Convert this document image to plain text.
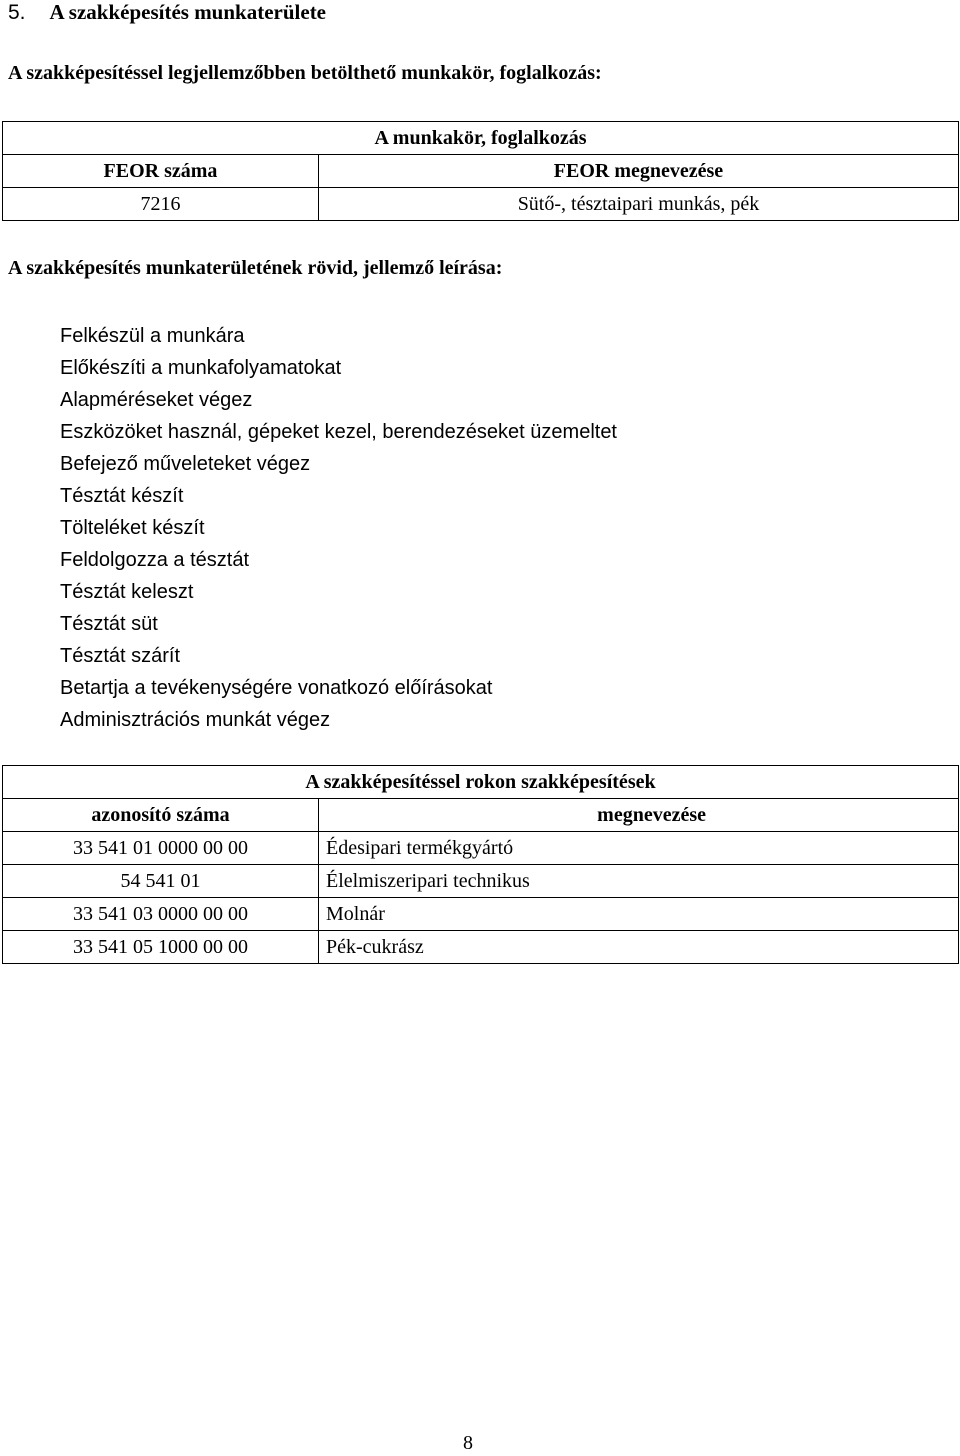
5. A szakképesítés munkaterülete
A szakképesítéssel legjellemzőbben betölthető munkakör, foglalkozás:
A munkakör, foglalkozás	
FEOR száma	FEOR megnevezése
7216	Sütő-, tésztaipari munkás, pék
A szakképesítés munkaterületének rövid, jellemző leírása:
Felkészül a munkára
Előkészíti a munkafolyamatokat
Alapméréseket végez
Eszközöket használ, gépeket kezel, berendezéseket üzemeltet
Befejező műveleteket végez
Tésztát készít
Tölteléket készít
Feldolgozza a tésztát
Tésztát keleszt
Tésztát süt
Tésztát szárít
Betartja a tevékenységére vonatkozó előírásokat
Adminisztrációs munkát végez
A szakképesítéssel rokon szakképesítések	
azonosító száma	megnevezése
33 541 01 0000 00 00	Édesipari termékgyártó
54 541 01	Élelmiszeripari technikus
33 541 03 0000 00 00	Molnár
33 541 05 1000 00 00	Pék-cukrász
8
